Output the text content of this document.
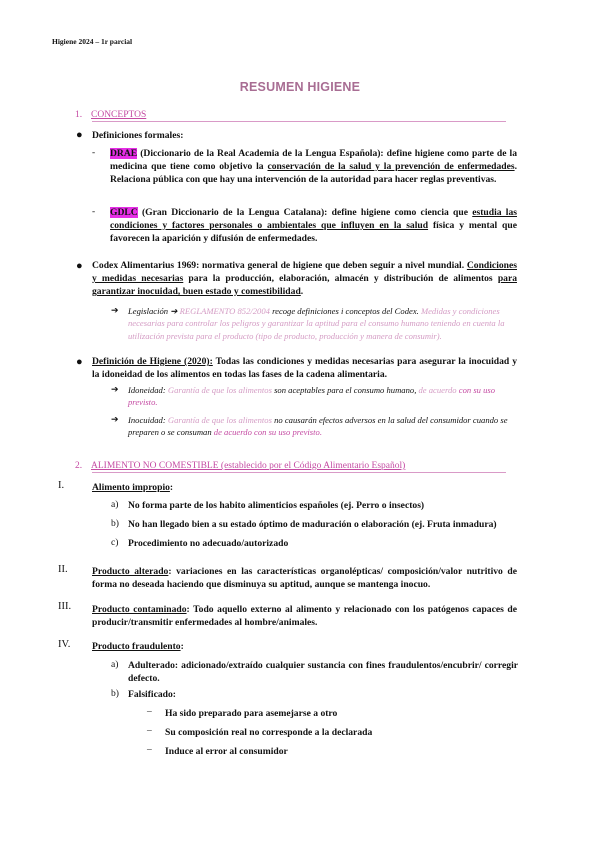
Higiene 2024 – 1r parcial
RESUMEN HIGIENE
1. CONCEPTOS
● Definiciones formales:
- DRAE (Diccionario de la Real Academia de la Lengua Española): define higiene como parte de la medicina que tiene como objetivo la conservación de la salud y la prevención de enfermedades. Relaciona pública con que hay una intervención de la autoridad para hacer reglas preventivas.
- GDLC (Gran Diccionario de la Lengua Catalana): define higiene como ciencia que estudia las condiciones y factores personales o ambientales que influyen en la salud física y mental que favorecen la aparición y difusión de enfermedades.
● Codex Alimentarius 1969: normativa general de higiene que deben seguir a nivel mundial. Condiciones y medidas necesarias para la producción, elaboración, almacén y distribución de alimentos para garantizar inocuidad, buen estado y comestibilidad.
➔ Legislación ➔ REGLAMENTO 852/2004 recoge definiciones i conceptos del Codex. Medidas y condiciones necesarias para controlar los peligros y garantizar la aptitud para el consumo humano teniendo en cuenta la utilización prevista para el producto (tipo de producto, producción y manera de consumir).
● Definición de Higiene (2020): Todas las condiciones y medidas necesarias para asegurar la inocuidad y la idoneidad de los alimentos en todas las fases de la cadena alimentaria.
➔ Idoneidad: Garantía de que los alimentos son aceptables para el consumo humano, de acuerdo con su uso previsto.
➔ Inocuidad: Garantía de que los alimentos no causarán efectos adversos en la salud del consumidor cuando se preparen o se consuman de acuerdo con su uso previsto.
2. ALIMENTO NO COMESTIBLE (establecido por el Código Alimentario Español)
I.	Alimento impropio:
a) No forma parte de los habito alimenticios españoles (ej. Perro o insectos)
b) No han llegado bien a su estado óptimo de maduración o elaboración (ej. Fruta inmadura)
c) Procedimiento no adecuado/autorizado
II.	Producto alterado: variaciones en las características organolépticas/ composición/valor nutritivo de forma no deseada haciendo que disminuya su aptitud, aunque se mantenga inocuo.
III. Producto contaminado: Todo aquello externo al alimento y relacionado con los patógenos capaces de producir/transmitir enfermedades al hombre/animales.
IV. Producto fraudulento:
a) Adulterado: adicionado/extraído cualquier sustancia con fines fraudulentos/encubrir/ corregir defecto.
b) Falsificado:
– Ha sido preparado para asemejarse a otro
– Su composición real no corresponde a la declarada
– Induce al error al consumidor
